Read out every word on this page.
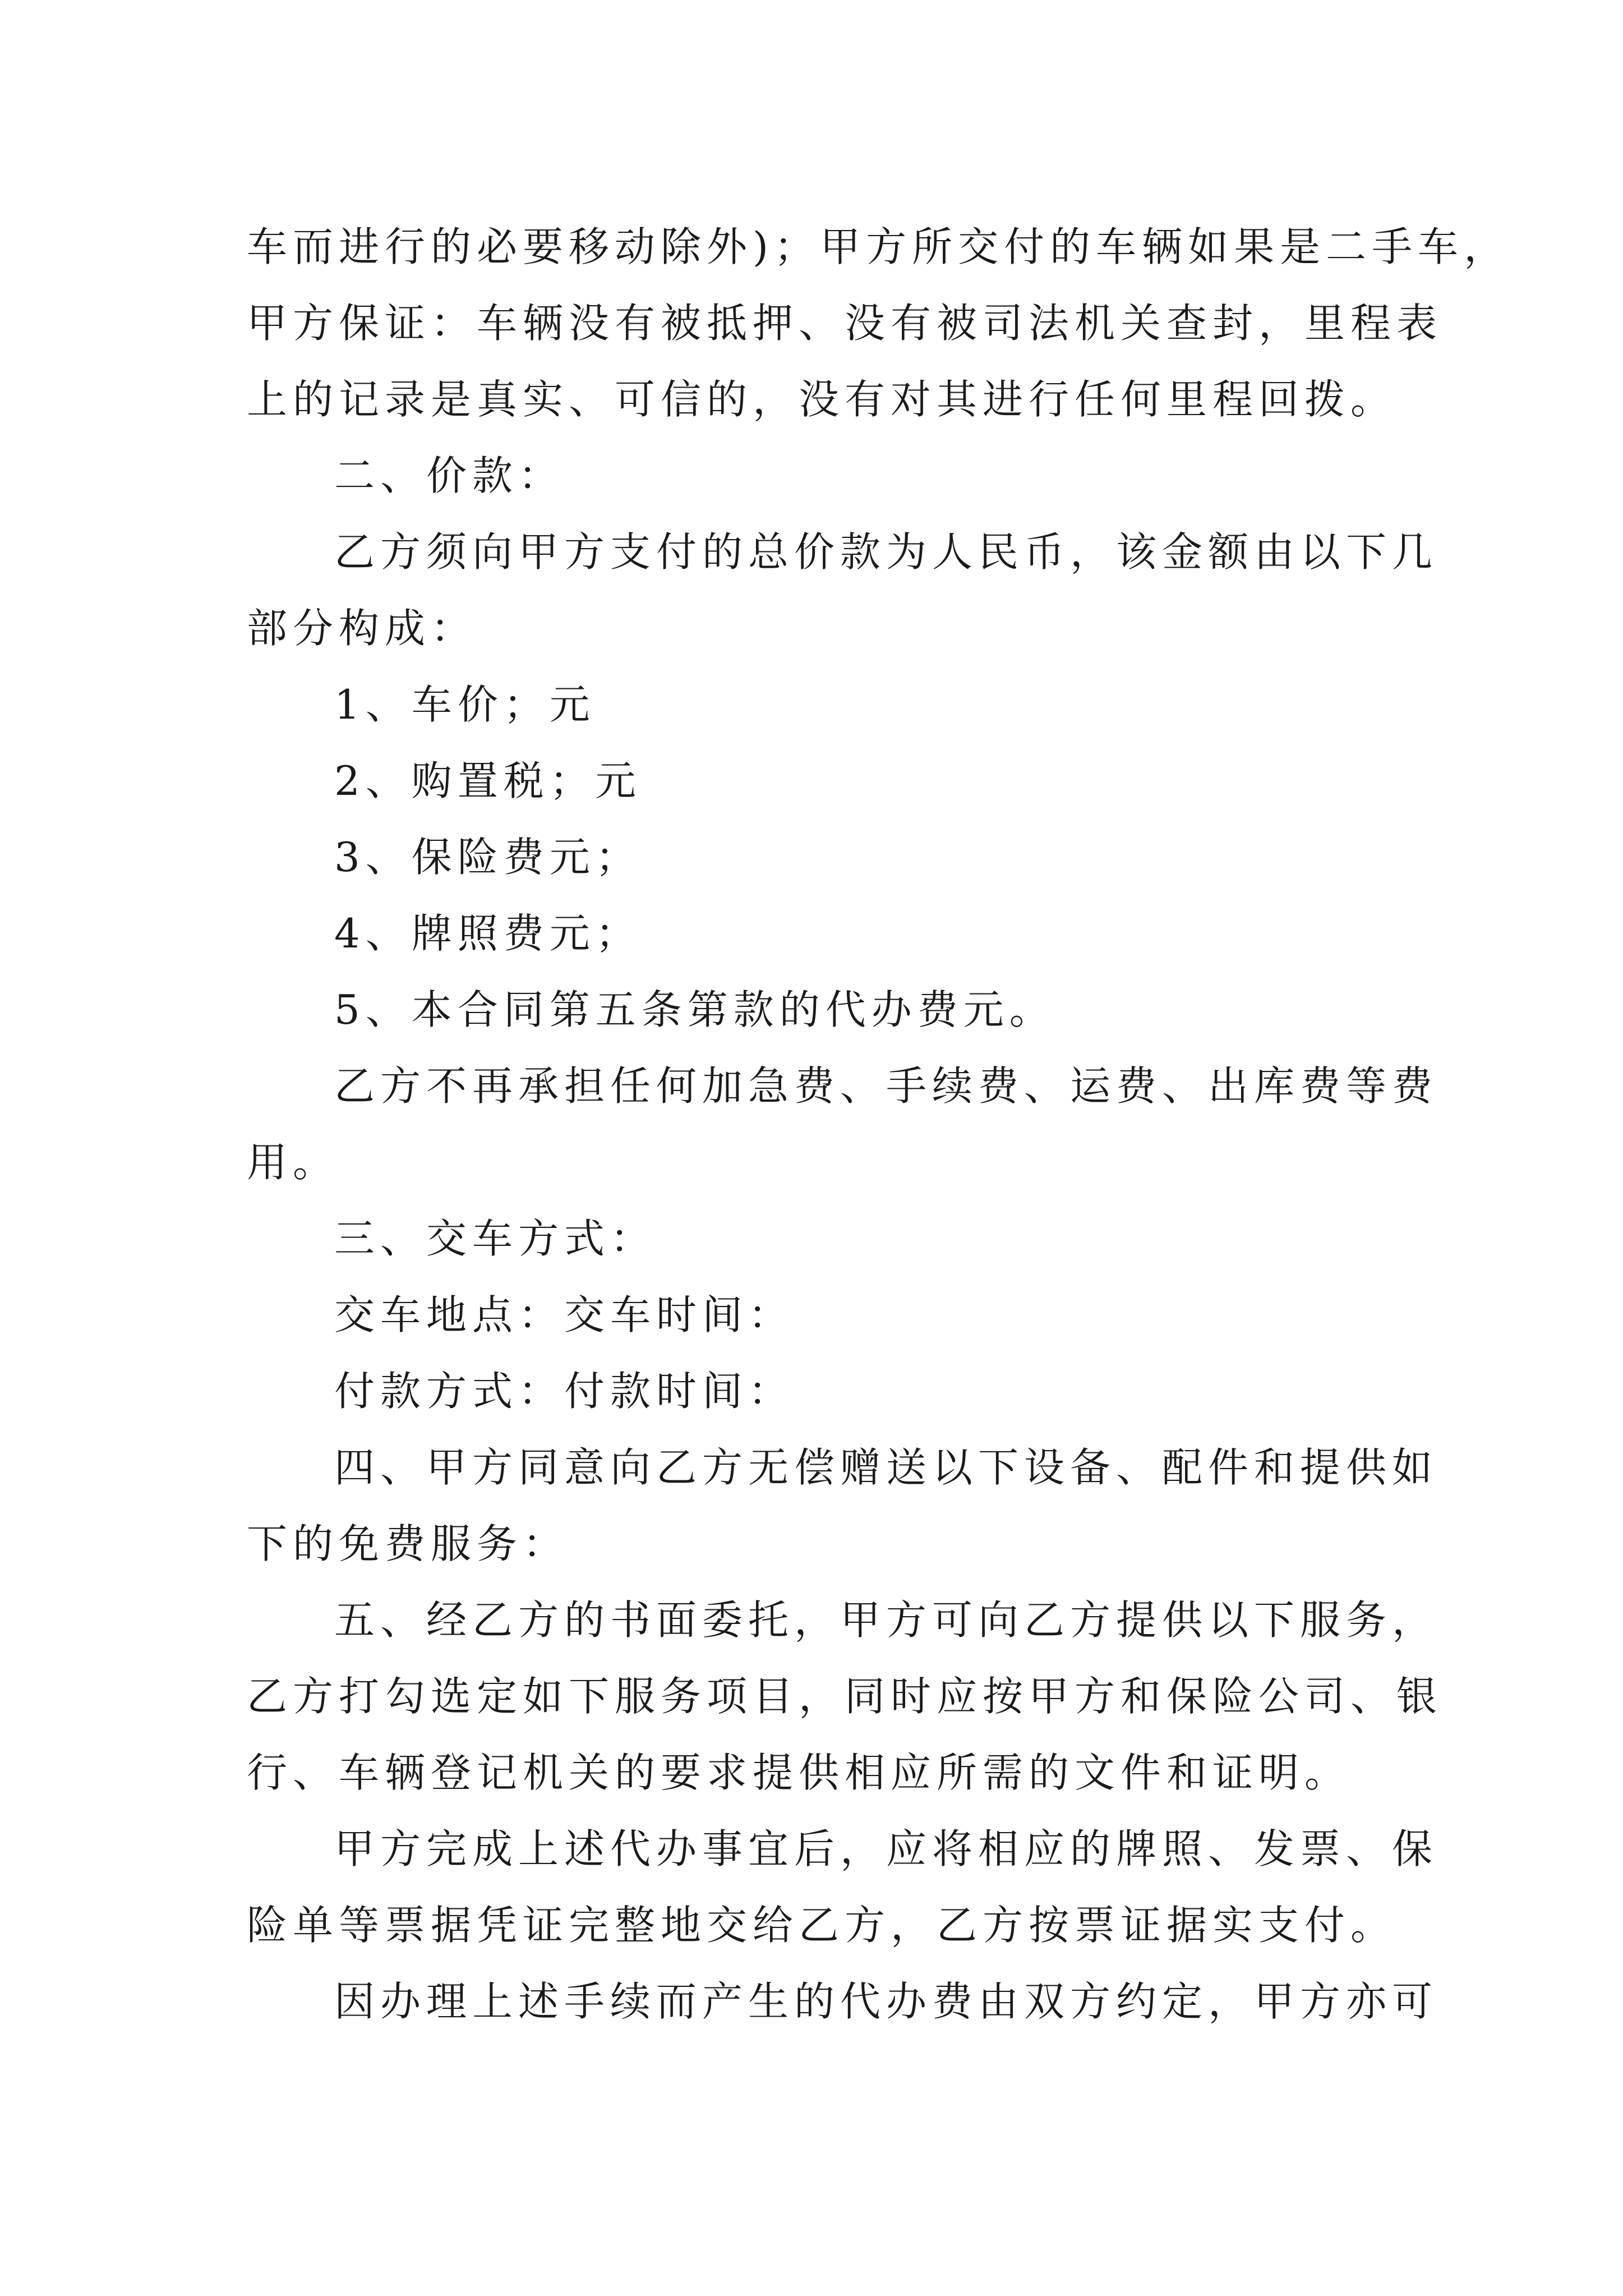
车而进行的必要移动除外)；甲方所交付的车辆如果是二手车，
甲方保证：车辆没有被抵押、没有被司法机关查封，里程表
上的记录是真实、可信的，没有对其进行任何里程回拨。
二、价款：
乙方须向甲方支付的总价款为人民币，该金额由以下几
部分构成：
1、车价；元
2、购置税；元
3、保险费元；
4、牌照费元；
5、本合同第五条第款的代办费元。
乙方不再承担任何加急费、手续费、运费、出库费等费
用。
三、交车方式：
交车地点：交车时间：
付款方式：付款时间：
四、甲方同意向乙方无偿赠送以下设备、配件和提供如
下的免费服务：
五、经乙方的书面委托，甲方可向乙方提供以下服务，
乙方打勾选定如下服务项目，同时应按甲方和保险公司、银
行、车辆登记机关的要求提供相应所需的文件和证明。
甲方完成上述代办事宜后，应将相应的牌照、发票、保
险单等票据凭证完整地交给乙方，乙方按票证据实支付。
因办理上述手续而产生的代办费由双方约定，甲方亦可
